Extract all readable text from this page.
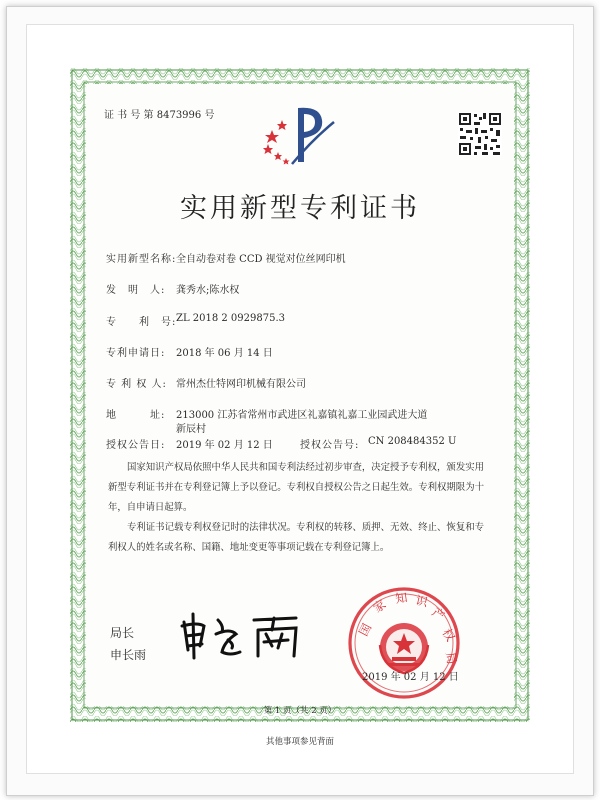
证 书 号 第 8473996 号
实用新型专利证书
实用新型名称: 全自动卷对卷 CCD 视觉对位丝网印机
发　明　人: 龚秀水;陈水权
专　　利　号: ZL 2018 2 0929875.3
专利申请日: 2018 年 06 月 14 日
专 利 权 人: 常州杰仕特网印机械有限公司
地　　　址: 213000 江苏省常州市武进区礼嘉镇礼嘉工业园武进大道
新辰村
授权公告日: 2019 年 02 月 12 日	授权公告号: CN 208484352 U
国家知识产权局依照中华人民共和国专利法经过初步审查，决定授予专利权，颁发实用新型专利证书并在专利登记簿上予以登记。专利权自授权公告之日起生效。专利权期限为十年，自申请日起算。
专利证书记载专利权登记时的法律状况。专利权的转移、质押、无效、终止、恢复和专利权人的姓名或名称、国籍、地址变更等事项记载在专利登记簿上。
局长
申长雨
国
家 知 识
产
权
局
2019 年 02 月 12 日
第 1 页（共 2 页）
其他事项参见背面
